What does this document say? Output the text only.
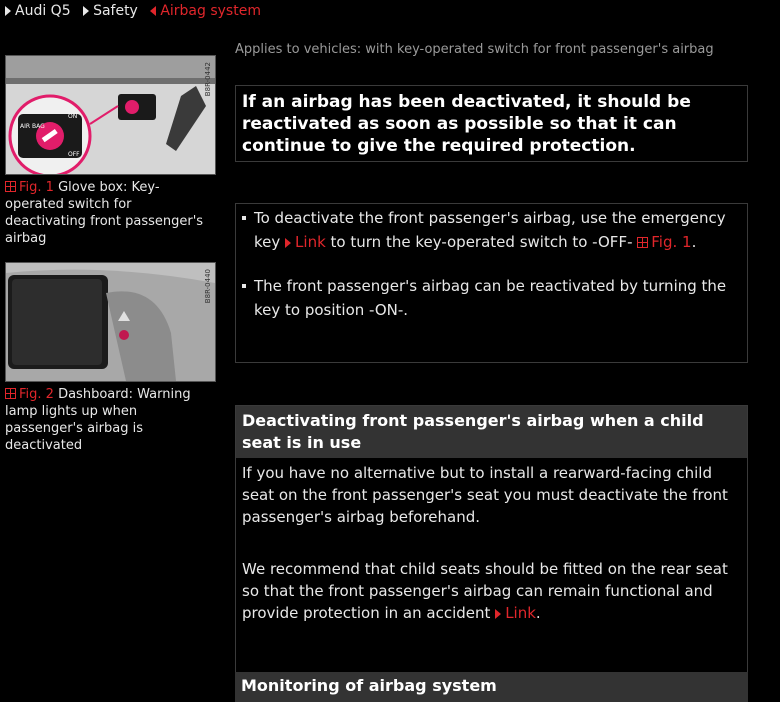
Audi Q5 Safety Airbag system
AIR BAG
ON
OFF
B8R-0442
Fig. 1 Glove box: Key-operated switch for deactivating front passenger's airbag
B8R-0440
Fig. 2 Dashboard: Warning lamp lights up when passenger's airbag is deactivated
Applies to vehicles: with key-operated switch for front passenger's airbag
If an airbag has been deactivated, it should be reactivated as soon as possible so that it can continue to give the required protection.
To deactivate the front passenger's airbag, use the emergency key Link to turn the key-operated switch to -OFF- Fig. 1.
The front passenger's airbag can be reactivated by turning the key to position -ON-.
Deactivating front passenger's airbag when a child seat is in use

If you have no alternative but to install a rearward-facing child seat on the front passenger's seat you must deactivate the front passenger's airbag beforehand.

We recommend that child seats should be fitted on the rear seat so that the front passenger's airbag can remain functional and provide protection in an accident Link.

Monitoring of airbag system
